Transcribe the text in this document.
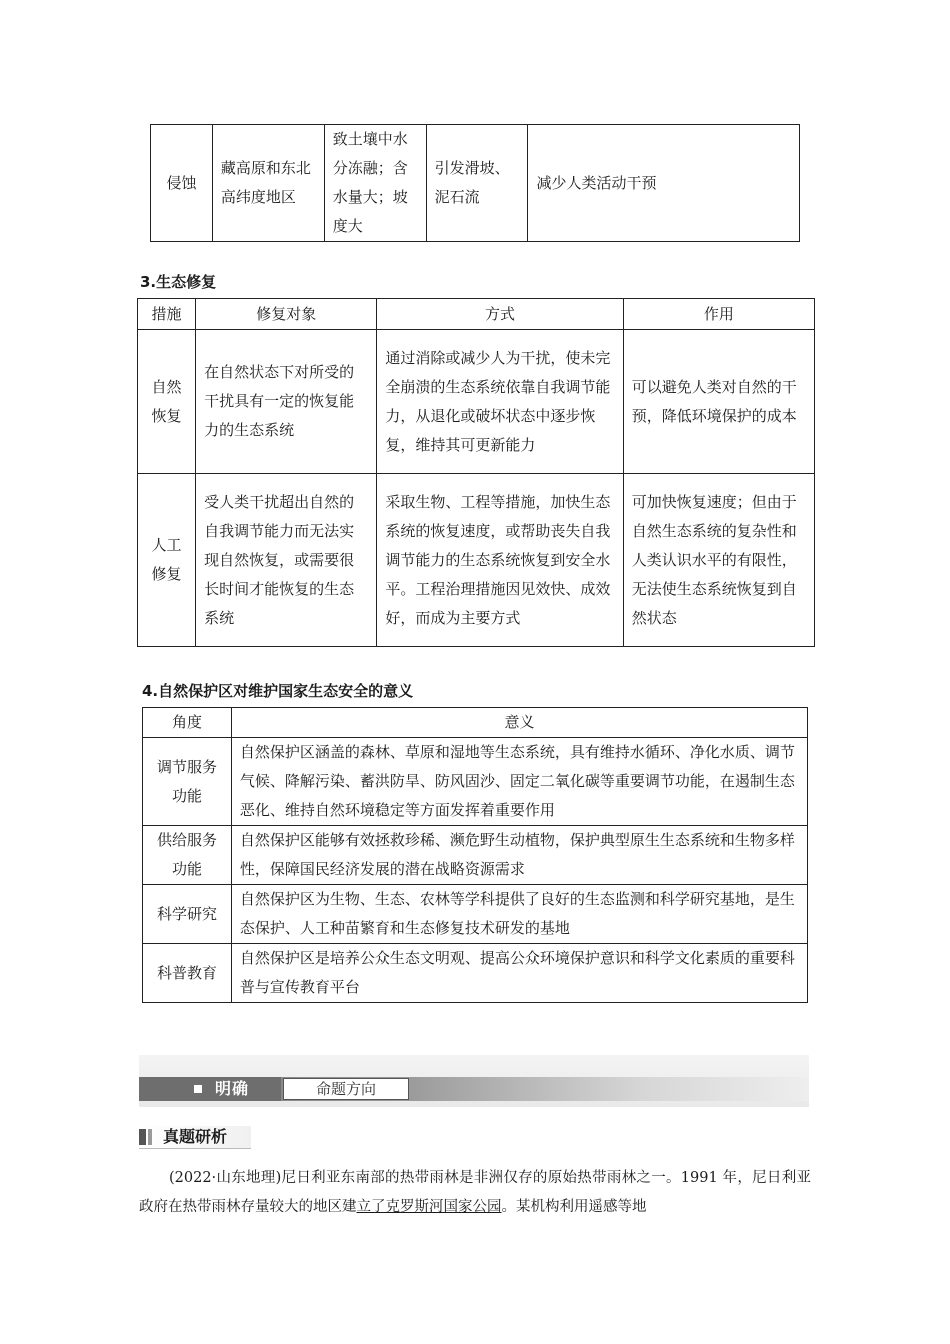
侵蚀	藏高原和东北高纬度地区	致土壤中水分冻融；含水量大；坡度大	引发滑坡、泥石流	减少人类活动干预
3.生态修复
措施	修复对象	方式	作用
自然恢复	在自然状态下对所受的干扰具有一定的恢复能力的生态系统	通过消除或减少人为干扰，使未完全崩溃的生态系统依靠自我调节能力，从退化或破坏状态中逐步恢复，维持其可更新能力	可以避免人类对自然的干预，降低环境保护的成本
人工修复	受人类干扰超出自然的自我调节能力而无法实现自然恢复，或需要很长时间才能恢复的生态系统	采取生物、工程等措施，加快生态系统的恢复速度，或帮助丧失自我调节能力的生态系统恢复到安全水平。工程治理措施因见效快、成效好，而成为主要方式	可加快恢复速度；但由于自然生态系统的复杂性和人类认识水平的有限性，无法使生态系统恢复到自然状态
4.自然保护区对维护国家生态安全的意义
角度	意义
调节服务功能	自然保护区涵盖的森林、草原和湿地等生态系统，具有维持水循环、净化水质、调节气候、降解污染、蓄洪防旱、防风固沙、固定二氧化碳等重要调节功能，在遏制生态恶化、维持自然环境稳定等方面发挥着重要作用
供给服务功能	自然保护区能够有效拯救珍稀、濒危野生动植物，保护典型原生生态系统和生物多样性，保障国民经济发展的潜在战略资源需求
科学研究	自然保护区为生物、生态、农林等学科提供了良好的生态监测和科学研究基地，是生态保护、人工种苗繁育和生态修复技术研发的基地
科普教育	自然保护区是培养公众生态文明观、提高公众环境保护意识和科学文化素质的重要科普与宣传教育平台
明确	命题方向
真题研析
(2022·山东地理)尼日利亚东南部的热带雨林是非洲仅存的原始热带雨林之一。1991 年，尼日利亚政府在热带雨林存量较大的地区建立了克罗斯河国家公园。某机构利用遥感等地
